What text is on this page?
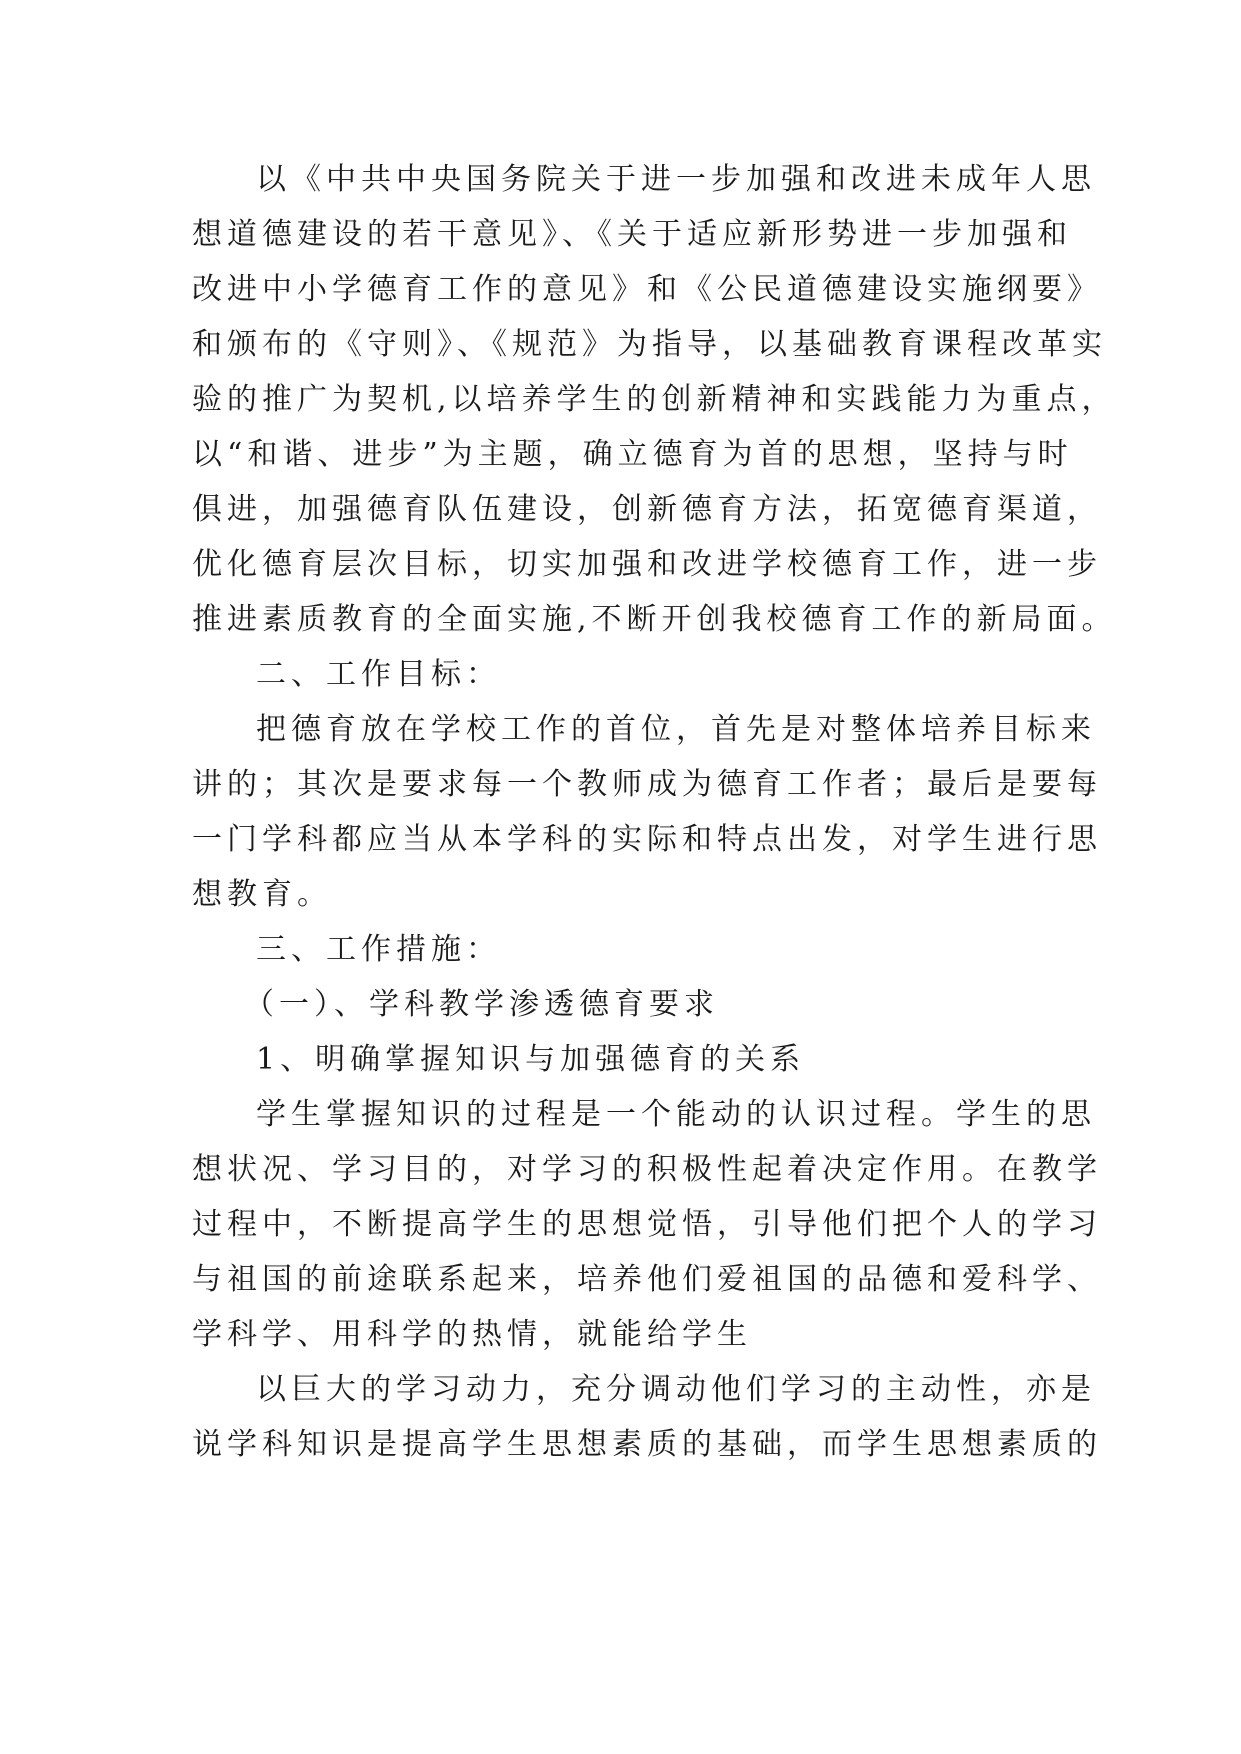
以《中共中央国务院关于进一步加强和改进未成年人思
想道德建设的若干意见》、《关于适应新形势进一步加强和
改进中小学德育工作的意见》和《公民道德建设实施纲要》
和颁布的《守则》、《规范》为指导，以基础教育课程改革实
验的推广为契机,以培养学生的创新精神和实践能力为重点，
以“和谐、进步”为主题，确立德育为首的思想，坚持与时
俱进，加强德育队伍建设，创新德育方法，拓宽德育渠道，
优化德育层次目标，切实加强和改进学校德育工作，进一步
推进素质教育的全面实施,不断开创我校德育工作的新局面。
二、工作目标：
把德育放在学校工作的首位，首先是对整体培养目标来
讲的；其次是要求每一个教师成为德育工作者；最后是要每
一门学科都应当从本学科的实际和特点出发，对学生进行思
想教育。
三、工作措施：
（一）、学科教学渗透德育要求
1、明确掌握知识与加强德育的关系
学生掌握知识的过程是一个能动的认识过程。学生的思
想状况、学习目的，对学习的积极性起着决定作用。在教学
过程中，不断提高学生的思想觉悟，引导他们把个人的学习
与祖国的前途联系起来，培养他们爱祖国的品德和爱科学、
学科学、用科学的热情，就能给学生
以巨大的学习动力，充分调动他们学习的主动性，亦是
说学科知识是提高学生思想素质的基础，而学生思想素质的
